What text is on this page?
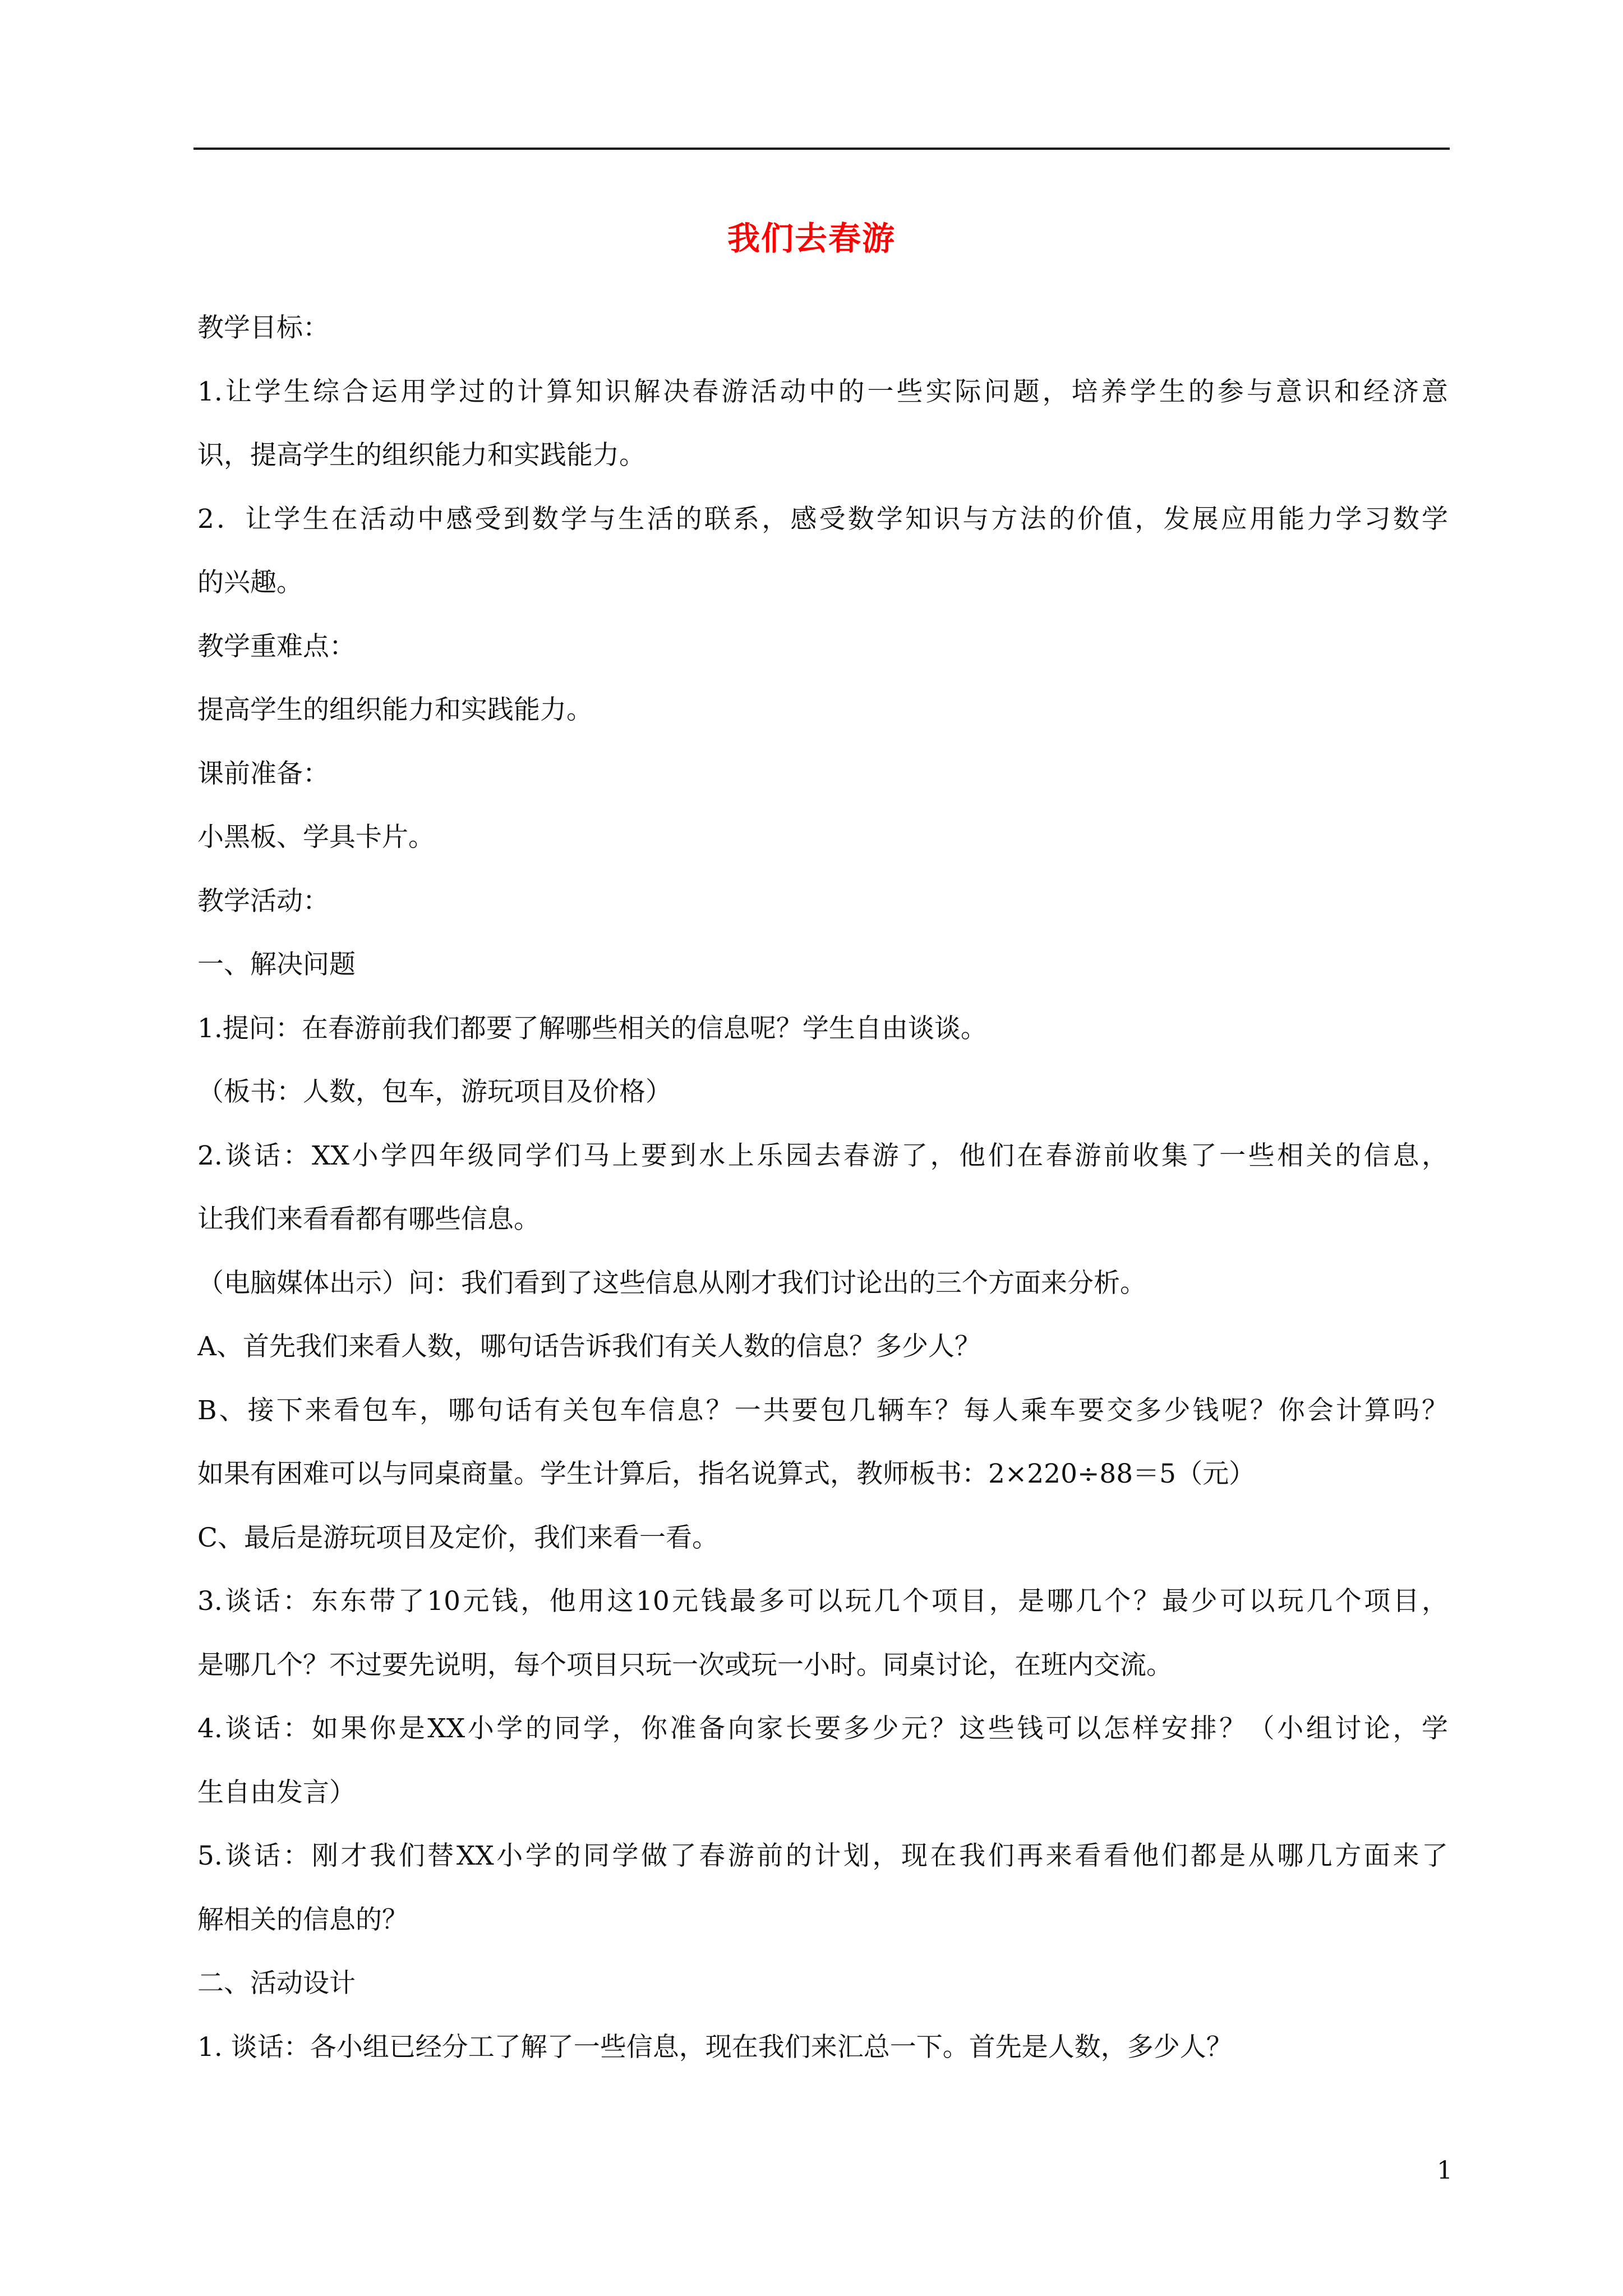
我们去春游
教学目标：
1.让学生综合运用学过的计算知识解决春游活动中的一些实际问题，培养学生的参与意识和经济意
识，提高学生的组织能力和实践能力。
2．让学生在活动中感受到数学与生活的联系，感受数学知识与方法的价值，发展应用能力学习数学
的兴趣。
教学重难点：
提高学生的组织能力和实践能力。
课前准备：
小黑板、学具卡片。
教学活动：
一、解决问题
1.提问：在春游前我们都要了解哪些相关的信息呢？学生自由谈谈。
（板书：人数，包车，游玩项目及价格）
2.谈话：XX小学四年级同学们马上要到水上乐园去春游了，他们在春游前收集了一些相关的信息，
让我们来看看都有哪些信息。
（电脑媒体出示）问：我们看到了这些信息从刚才我们讨论出的三个方面来分析。
A、首先我们来看人数，哪句话告诉我们有关人数的信息？多少人？
B、接下来看包车，哪句话有关包车信息？一共要包几辆车？每人乘车要交多少钱呢？你会计算吗？
如果有困难可以与同桌商量。学生计算后，指名说算式，教师板书：2×220÷88＝5（元）
C、最后是游玩项目及定价，我们来看一看。
3.谈话：东东带了10元钱，他用这10元钱最多可以玩几个项目，是哪几个？最少可以玩几个项目，
是哪几个？不过要先说明，每个项目只玩一次或玩一小时。同桌讨论，在班内交流。
4.谈话：如果你是XX小学的同学，你准备向家长要多少元？这些钱可以怎样安排？（小组讨论，学
生自由发言）
5.谈话：刚才我们替XX小学的同学做了春游前的计划，现在我们再来看看他们都是从哪几方面来了
解相关的信息的？
二、活动设计
1. 谈话：各小组已经分工了解了一些信息，现在我们来汇总一下。首先是人数，多少人？
1
